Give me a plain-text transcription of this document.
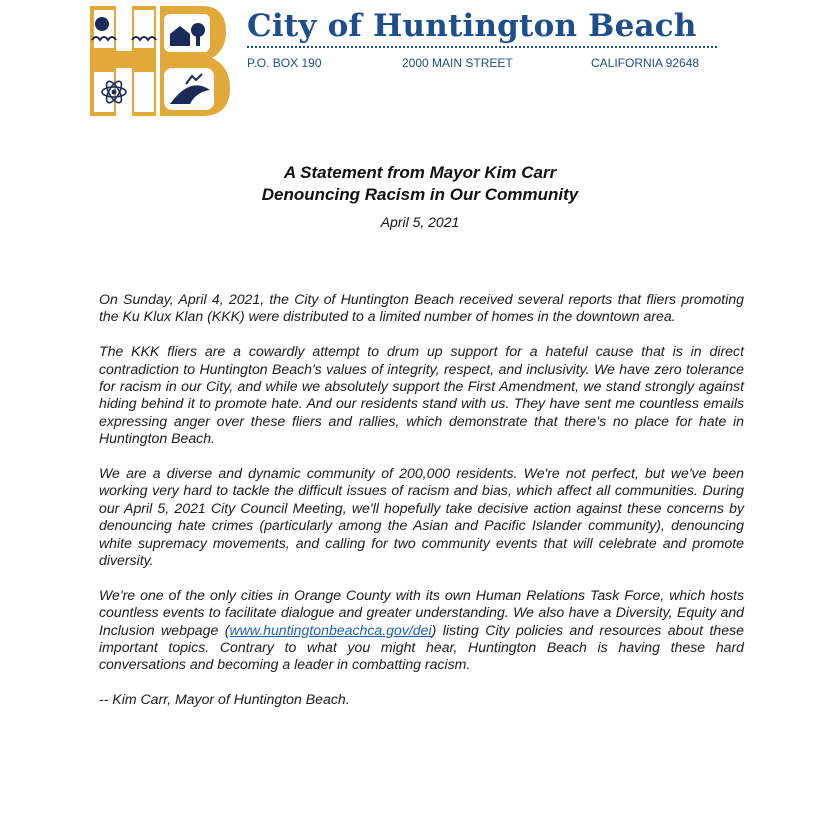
City of Huntington Beach
P.O. BOX 190	2000 MAIN STREET	CALIFORNIA 92648
A Statement from Mayor Kim Carr
Denouncing Racism in Our Community
April 5, 2021

On Sunday, April 4, 2021, the City of Huntington Beach received several reports that fliers promoting the Ku Klux Klan (KKK) were distributed to a limited number of homes in the downtown area.

The KKK fliers are a cowardly attempt to drum up support for a hateful cause that is in direct contradiction to Huntington Beach's values of integrity, respect, and inclusivity. We have zero tolerance for racism in our City, and while we absolutely support the First Amendment, we stand strongly against hiding behind it to promote hate. And our residents stand with us. They have sent me countless emails expressing anger over these fliers and rallies, which demonstrate that there's no place for hate in Huntington Beach.

We are a diverse and dynamic community of 200,000 residents. We're not perfect, but we've been working very hard to tackle the difficult issues of racism and bias, which affect all communities. During our April 5, 2021 City Council Meeting, we'll hopefully take decisive action against these concerns by denouncing hate crimes (particularly among the Asian and Pacific Islander community), denouncing white supremacy movements, and calling for two community events that will celebrate and promote diversity.

We're one of the only cities in Orange County with its own Human Relations Task Force, which hosts countless events to facilitate dialogue and greater understanding. We also have a Diversity, Equity and Inclusion webpage (www.huntingtonbeachca.gov/dei) listing City policies and resources about these important topics. Contrary to what you might hear, Huntington Beach is having these hard conversations and becoming a leader in combatting racism.

-- Kim Carr, Mayor of Huntington Beach.
